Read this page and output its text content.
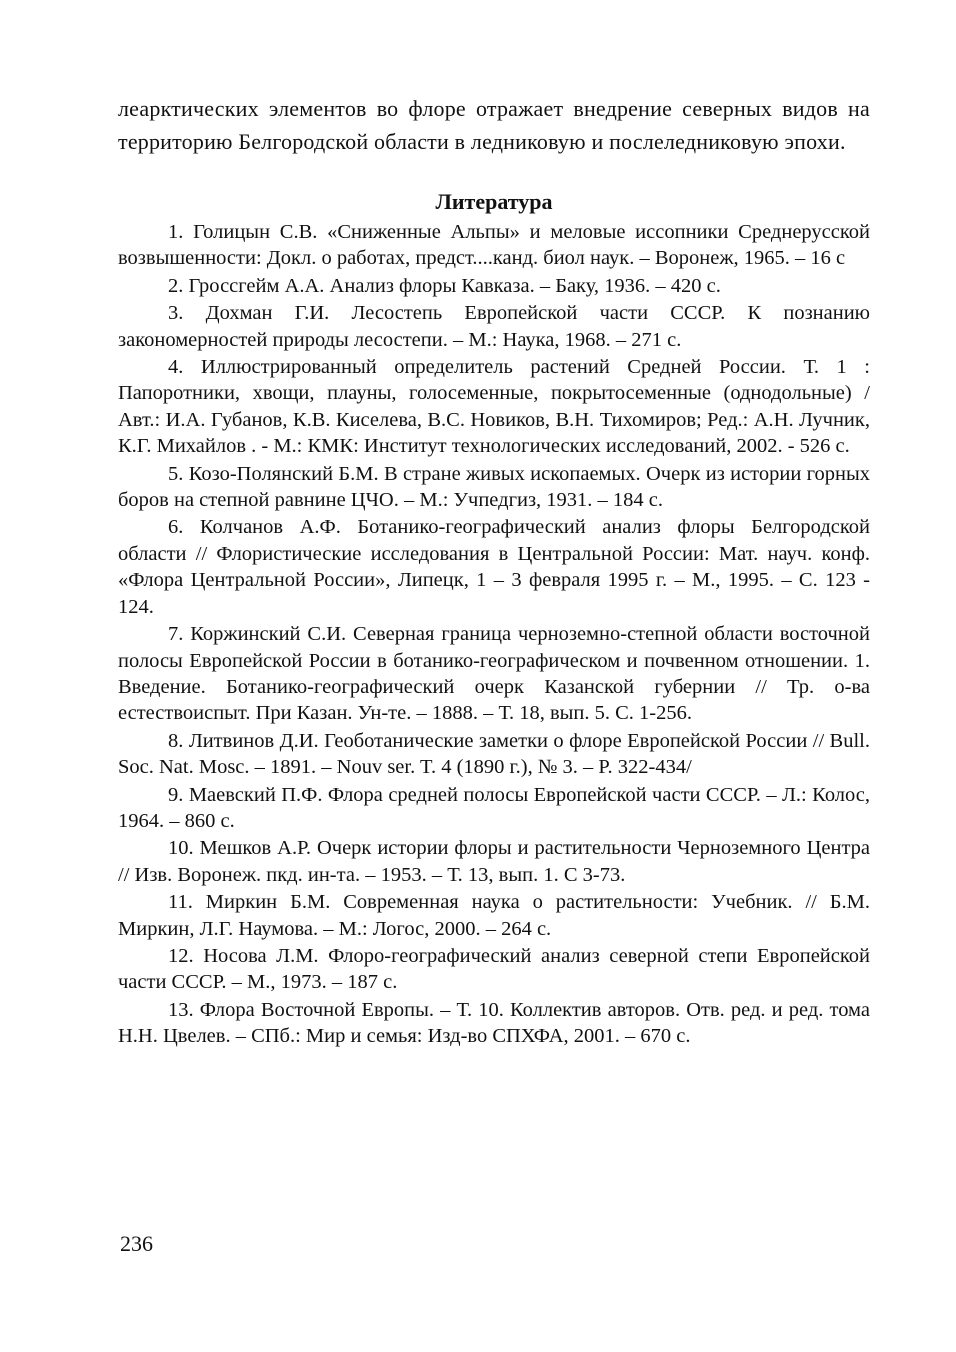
леарктических элементов во флоре отражает внедрение северных видов на территорию Белгородской области в ледниковую и послеледниковую эпохи.

Литература
1. Голицын С.В. «Сниженные Альпы» и меловые иссопники Среднерусской возвышенности: Докл. о работах, предст....канд. биол наук. – Воронеж, 1965. – 16 с
2. Гроссгейм А.А. Анализ флоры Кавказа. – Баку, 1936. – 420 с.
3. Дохман Г.И. Лесостепь Европейской части СССР. К познанию закономерностей природы лесостепи. – М.: Наука, 1968. – 271 с.
4. Иллюстрированный определитель растений Средней России. Т. 1 : Папоротники, хвощи, плауны, голосеменные, покрытосеменные (однодольные) / Авт.: И.А. Губанов, К.В. Киселева, В.С. Новиков, В.Н. Тихомиров; Ред.: А.Н. Лучник, К.Г. Михайлов . - М.: КМК: Институт технологических исследований, 2002. - 526 с.
5. Козо-Полянский Б.М. В стране живых ископаемых. Очерк из истории горных боров на степной равнине ЦЧО. – М.: Учпедгиз, 1931. – 184 с.
6. Колчанов А.Ф. Ботанико-географический анализ флоры Белгородской области // Флористические исследования в Центральной России: Мат. науч. конф. «Флора Центральной России», Липецк, 1 – 3 февраля 1995 г. – М., 1995. – С. 123 - 124.
7. Коржинский С.И. Северная граница черноземно-степной области восточной полосы Европейской России в ботанико-географическом и почвенном отношении. 1. Введение. Ботанико-географический очерк Казанской губернии // Тр. о-ва естествоиспыт. При Казан. Ун-те. – 1888. – Т. 18, вып. 5. С. 1-256.
8. Литвинов Д.И. Геоботанические заметки о флоре Европейской России // Bull. Soc. Nat. Mosc. – 1891. – Nouv ser. T. 4 (1890 г.), № 3. – P. 322-434/
9. Маевский П.Ф. Флора средней полосы Европейской части СССР. – Л.: Колос, 1964. – 860 с.
10. Мешков А.Р. Очерк истории флоры и растительности Черноземного Центра // Изв. Воронеж. пкд. ин-та. – 1953. – Т. 13, вып. 1. С 3-73.
11. Миркин Б.М. Современная наука о растительности: Учебник. // Б.М. Миркин, Л.Г. Наумова. – М.: Логос, 2000. – 264 с.
12. Носова Л.М. Флоро-географический анализ северной степи Европейской части СССР. – М., 1973. – 187 с.
13. Флора Восточной Европы. – Т. 10. Коллектив авторов. Отв. ред. и ред. тома Н.Н. Цвелев. – СПб.: Мир и семья: Изд-во СПХФА, 2001. – 670 с.
236
